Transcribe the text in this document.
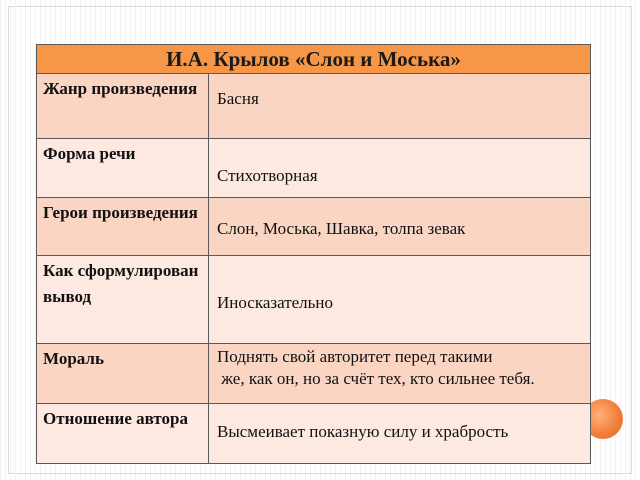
И.А. Крылов «Слон и Моська»	
Жанр произведения	Басня

Форма речи	Стихотворная

Герои произведения	Слон, Моська, Шавка, толпа зевак

Как сформулирован вывод	Иносказательно

Мораль	Поднять свой авторитет перед такими
же, как он, но за счёт тех, кто сильнее тебя.

Отношение автора	Высмеивает показную силу и храбрость
